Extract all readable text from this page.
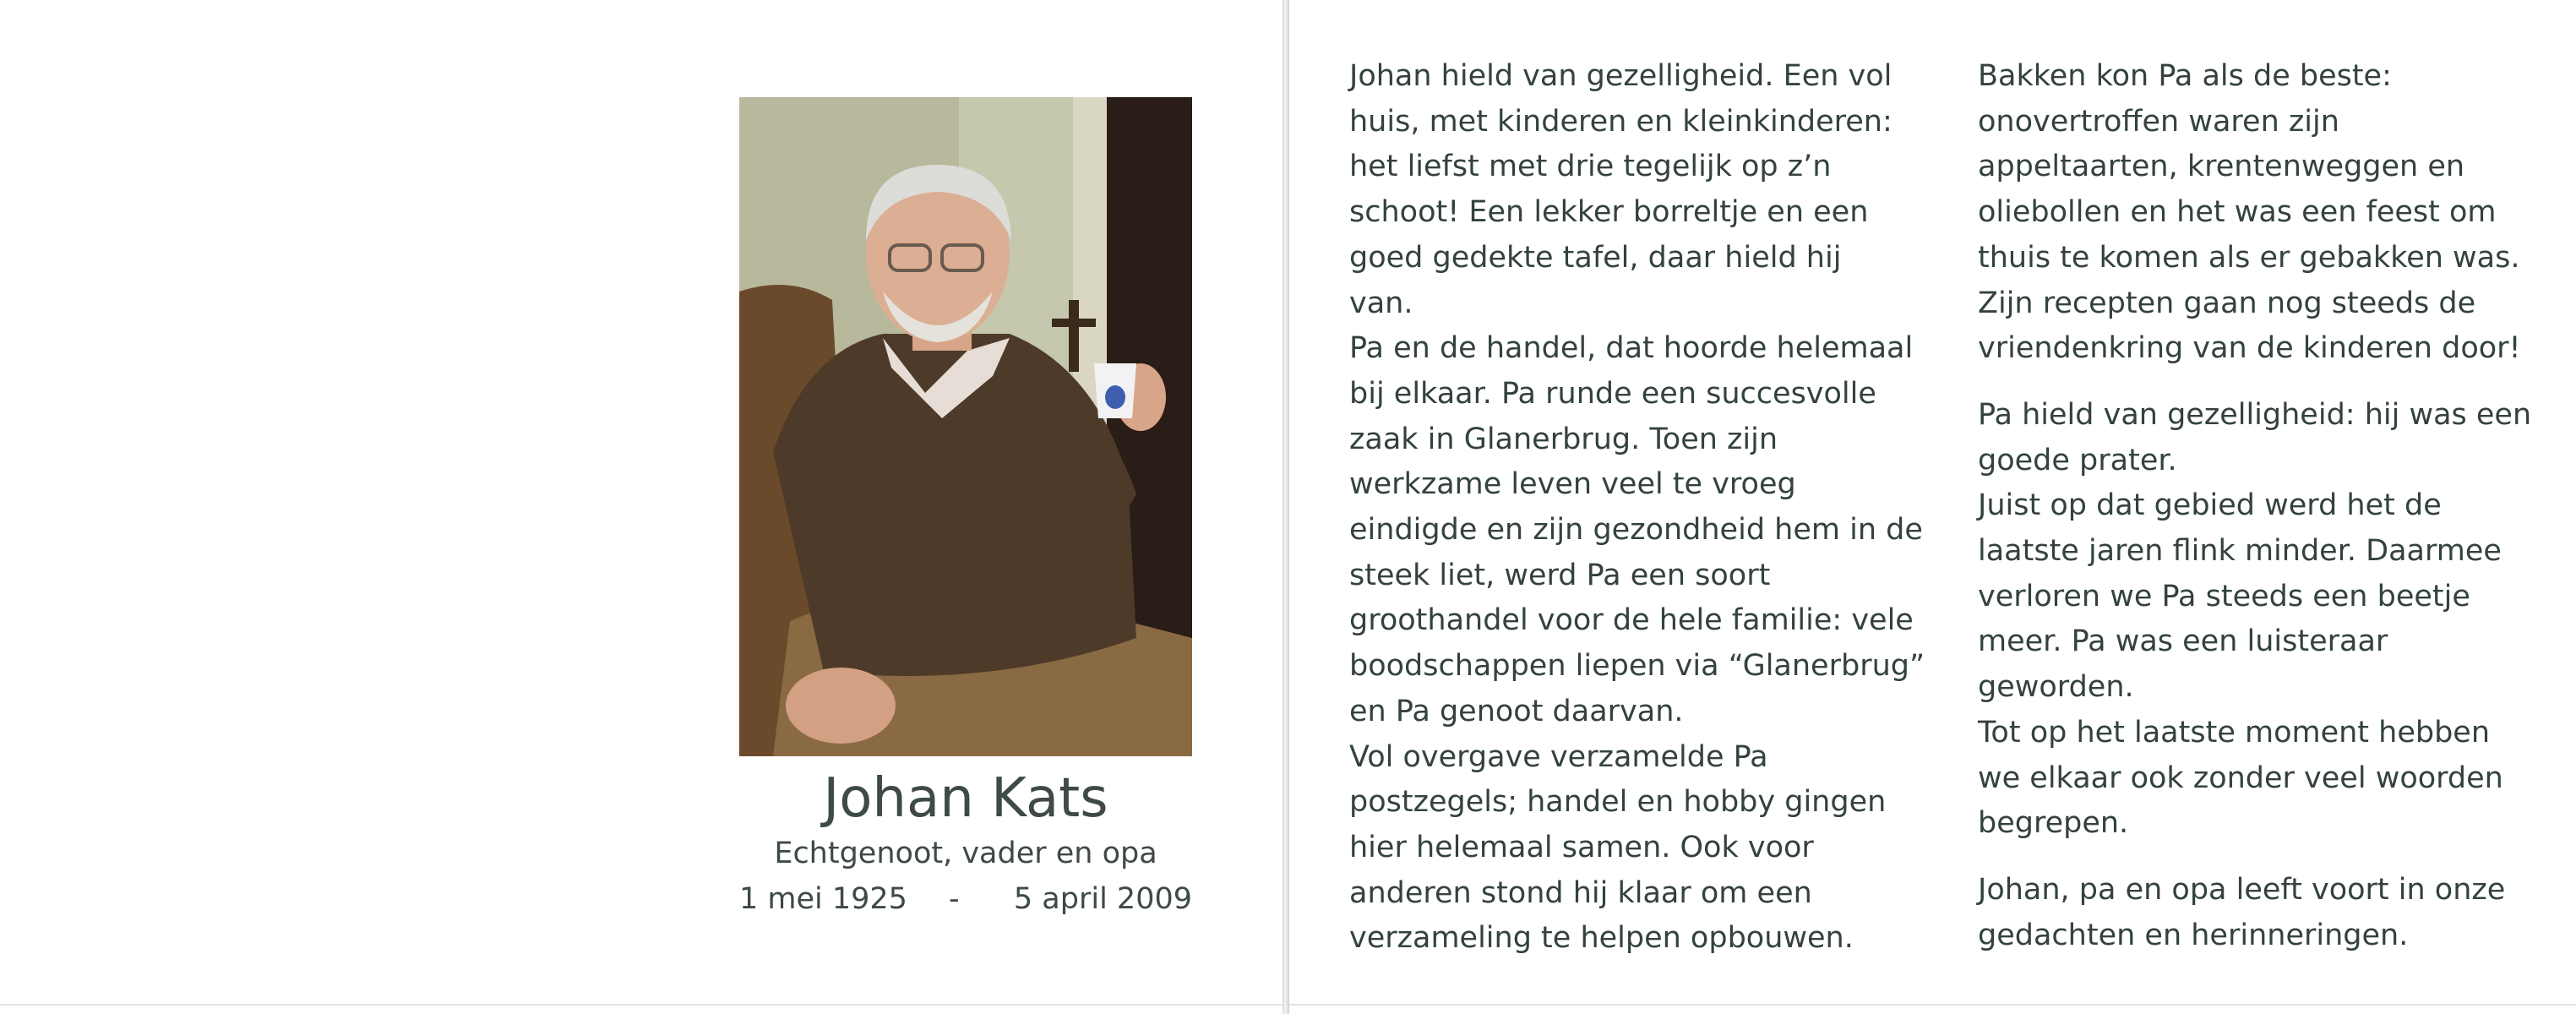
Johan Kats
Echtgenoot, vader en opa
1 mei 1925 - 5 april 2009

Johan hield van gezelligheid. Een vol

huis, met kinderen en kleinkinderen:

het liefst met drie tegelijk op z’n

schoot! Een lekker borreltje en een

goed gedekte tafel, daar hield hij

van.

Pa en de handel, dat hoorde helemaal

bij elkaar. Pa runde een succesvolle

zaak in Glanerbrug. Toen zijn

werkzame leven veel te vroeg

eindigde en zijn gezondheid hem in de

steek liet, werd Pa een soort

groothandel voor de hele familie: vele

boodschappen liepen via “Glanerbrug”

en Pa genoot daarvan.

Vol overgave verzamelde Pa

postzegels; handel en hobby gingen

hier helemaal samen. Ook voor

anderen stond hij klaar om een

verzameling te helpen opbouwen.

Bakken kon Pa als de beste:

onovertroffen waren zijn

appeltaarten, krentenweggen en

oliebollen en het was een feest om

thuis te komen als er gebakken was.

Zijn recepten gaan nog steeds de

vriendenkring van de kinderen door!

Pa hield van gezelligheid: hij was een

goede prater.

Juist op dat gebied werd het de

laatste jaren flink minder. Daarmee

verloren we Pa steeds een beetje

meer. Pa was een luisteraar

geworden.

Tot op het laatste moment hebben

we elkaar ook zonder veel woorden

begrepen.

Johan, pa en opa leeft voort in onze

gedachten en herinneringen.
